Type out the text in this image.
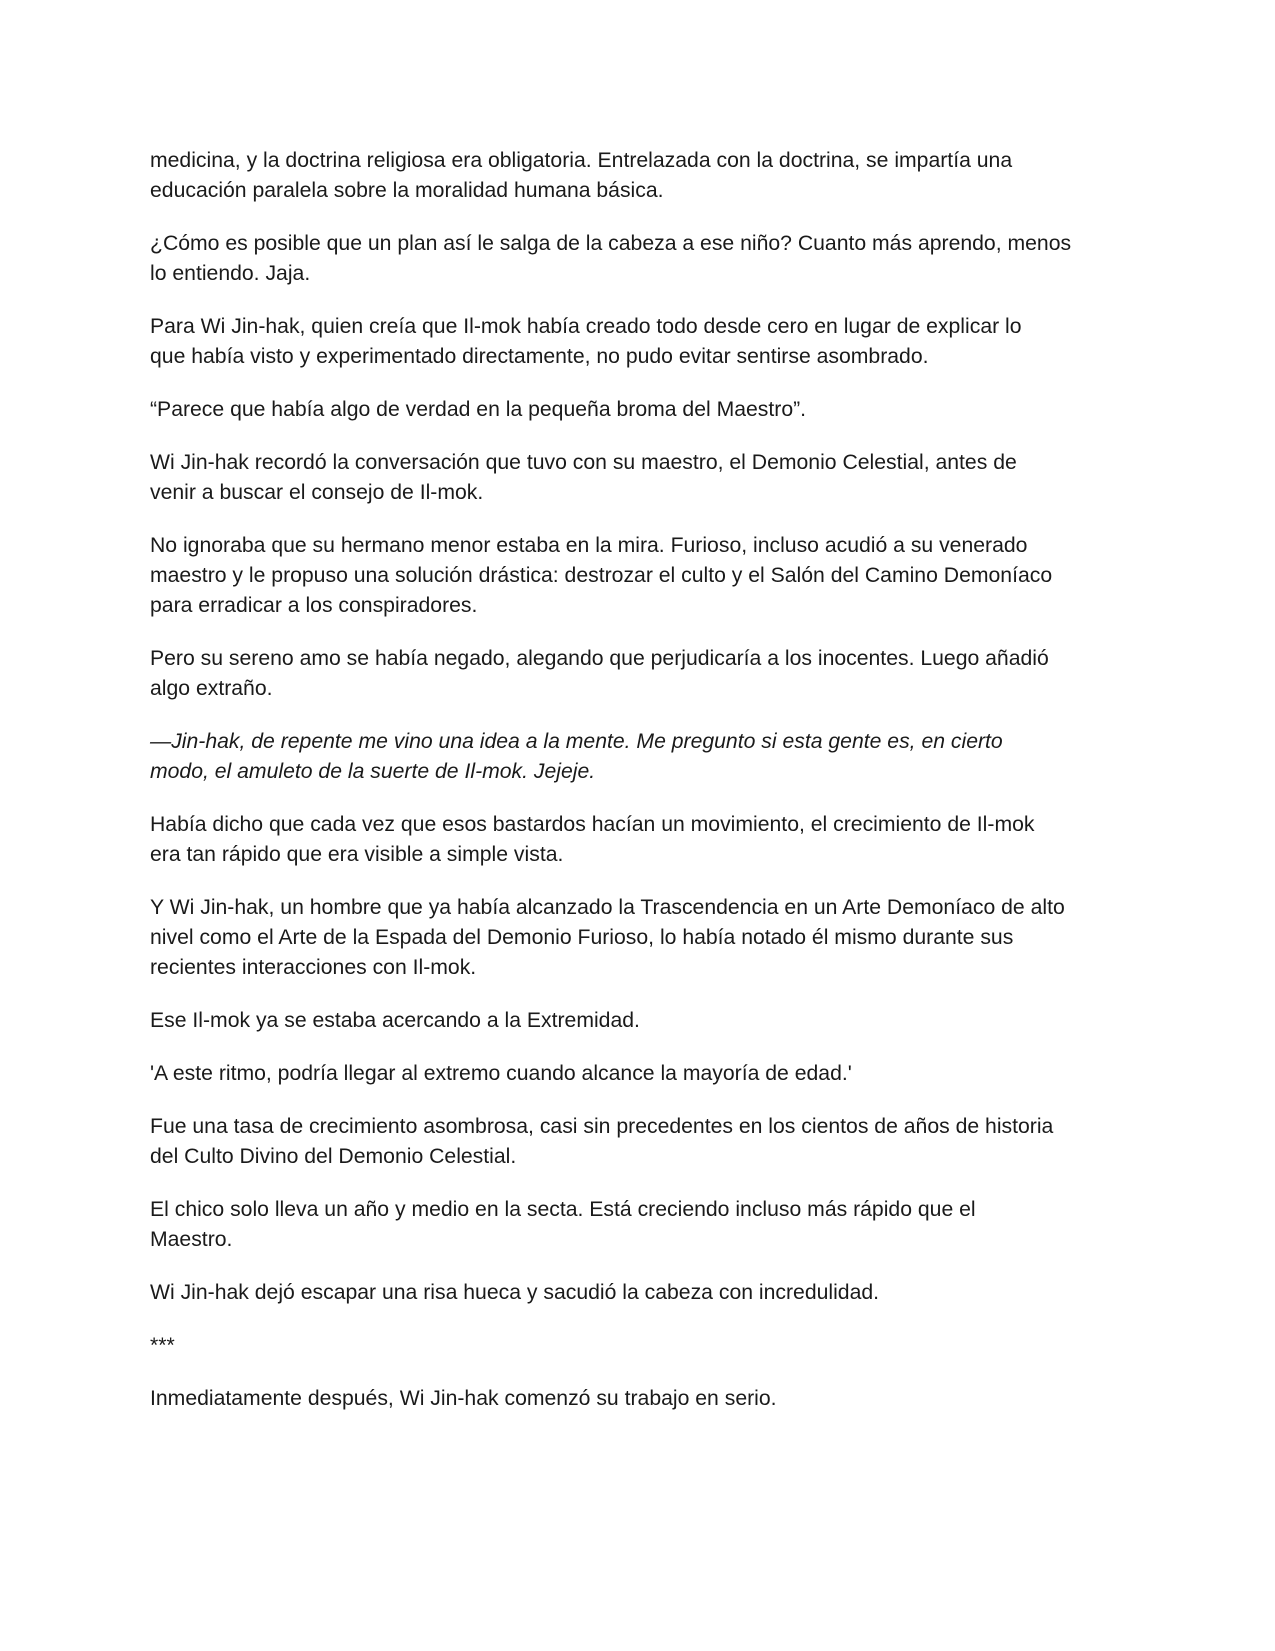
medicina, y la doctrina religiosa era obligatoria. Entrelazada con la doctrina, se impartía una
educación paralela sobre la moralidad humana básica.

¿Cómo es posible que un plan así le salga de la cabeza a ese niño? Cuanto más aprendo, menos
lo entiendo. Jaja.

Para Wi Jin-hak, quien creía que Il-mok había creado todo desde cero en lugar de explicar lo
que había visto y experimentado directamente, no pudo evitar sentirse asombrado.

“Parece que había algo de verdad en la pequeña broma del Maestro”.

Wi Jin-hak recordó la conversación que tuvo con su maestro, el Demonio Celestial, antes de
venir a buscar el consejo de Il-mok.

No ignoraba que su hermano menor estaba en la mira. Furioso, incluso acudió a su venerado
maestro y le propuso una solución drástica: destrozar el culto y el Salón del Camino Demoníaco
para erradicar a los conspiradores.

Pero su sereno amo se había negado, alegando que perjudicaría a los inocentes. Luego añadió
algo extraño.

—Jin-hak, de repente me vino una idea a la mente. Me pregunto si esta gente es, en cierto
modo, el amuleto de la suerte de Il-mok. Jejeje.

Había dicho que cada vez que esos bastardos hacían un movimiento, el crecimiento de Il-mok
era tan rápido que era visible a simple vista.

Y Wi Jin-hak, un hombre que ya había alcanzado la Trascendencia en un Arte Demoníaco de alto
nivel como el Arte de la Espada del Demonio Furioso, lo había notado él mismo durante sus
recientes interacciones con Il-mok.

Ese Il-mok ya se estaba acercando a la Extremidad.

'A este ritmo, podría llegar al extremo cuando alcance la mayoría de edad.'

Fue una tasa de crecimiento asombrosa, casi sin precedentes en los cientos de años de historia
del Culto Divino del Demonio Celestial.

El chico solo lleva un año y medio en la secta. Está creciendo incluso más rápido que el
Maestro.

Wi Jin-hak dejó escapar una risa hueca y sacudió la cabeza con incredulidad.

***

Inmediatamente después, Wi Jin-hak comenzó su trabajo en serio.
